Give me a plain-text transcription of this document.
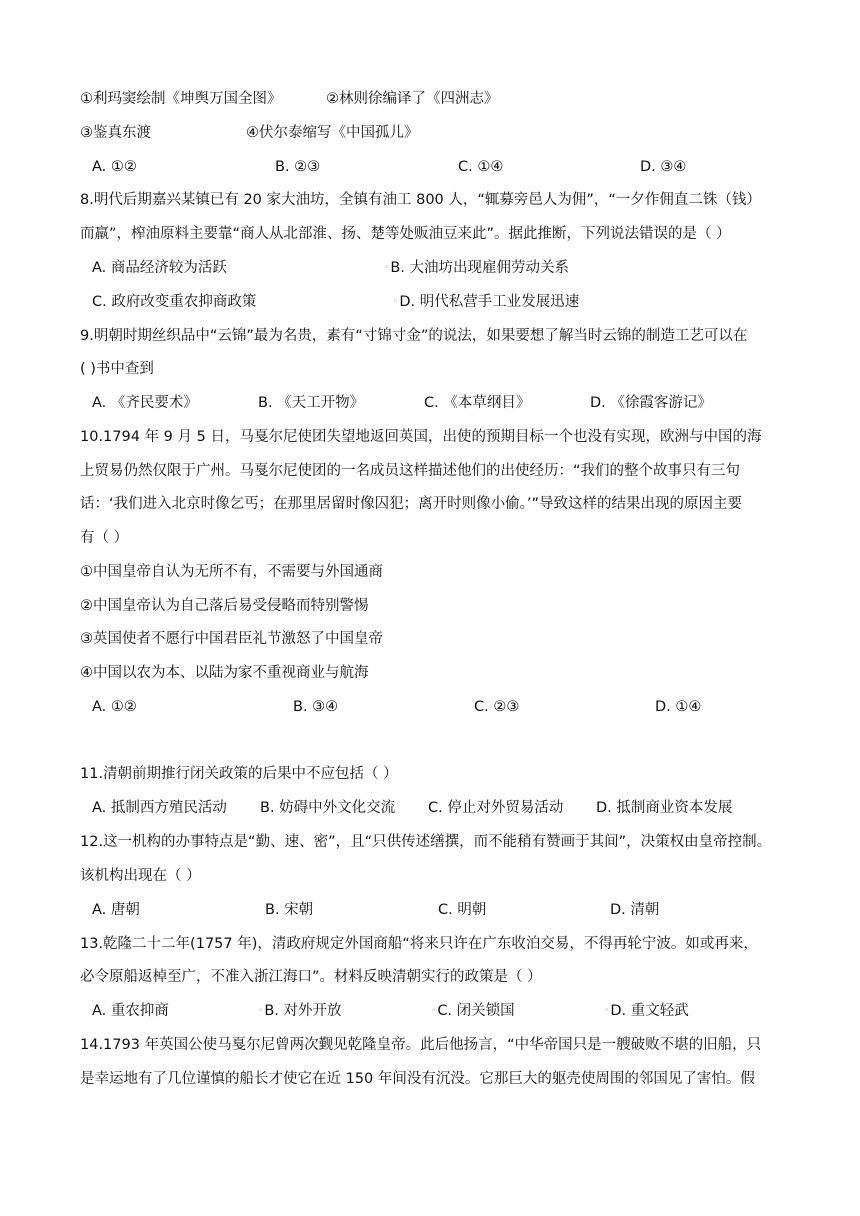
①利玛窦绘制《坤舆万国全图》	②林则徐编译了《四洲志》
③鉴真东渡	④伏尔泰缩写《中国孤儿》
A. ①②	B. ②③	C. ①④	D. ③④
8.明代后期嘉兴某镇已有 20 家大油坊，全镇有油工 800 人，“辄募旁邑人为佣”，“一夕作佣直二铢（钱）
而羸”，榨油原料主要靠“商人从北部淮、扬、楚等处贩油豆来此”。据此推断，下列说法错误的是（ ）
A. 商品经济较为活跃	◦B. 大油坊出现雇佣劳动关系
C. 政府改变重农抑商政策	◦D. 明代私营手工业发展迅速
9.明朝时期丝织品中“云锦”最为名贵，素有“寸锦寸金”的说法，如果要想了解当时云锦的制造工艺可以在
( )书中查到
A. 《齐民要术》	B. 《天工开物》	C. 《本草纲目》	D. 《徐霞客游记》
10.1794 年 9 月 5 日，马戛尔尼使团失望地返回英国，出使的预期目标一个也没有实现，欧洲与中国的海
上贸易仍然仅限于广州。马戛尔尼使团的一名成员这样描述他们的出使经历：“我们的整个故事只有三句
话：‘我们进入北京时像乞丐；在那里居留时像囚犯；离开时则像小偷。’”导致这样的结果出现的原因主要
有（ ）
①中国皇帝自认为无所不有，不需要与外国通商
②中国皇帝认为自己落后易受侵略而特别警惕
③英国使者不愿行中国君臣礼节激怒了中国皇帝
④中国以农为本、以陆为家不重视商业与航海
A. ①②	B. ③④	C. ②③	D. ①④
11.清朝前期推行闭关政策的后果中不应包括（ ）
A. 抵制西方殖民活动 B. 妨碍中外文化交流 C. 停止对外贸易活动 D. 抵制商业资本发展
12.这一机构的办事特点是“勤、速、密”，且“只供传述缮撰，而不能稍有赞画于其间”，决策权由皇帝控制。
该机构出现在（ ）
A. 唐朝	B. 宋朝	C. 明朝	D. 清朝
13.乾隆二十二年(1757 年)，清政府规定外国商船“将来只许在广东收泊交易，不得再轮宁波。如或再来，
必令原船返棹至广，不准入浙江海口”。材料反映清朝实行的政策是（ ）
A. 重农抑商	◦B. 对外开放	◦C. 闭关锁国	◦D. 重文轻武
14.1793 年英国公使马戛尔尼曾两次觐见乾隆皇帝。此后他扬言，“中华帝国只是一艘破败不堪的旧船，只
是幸运地有了几位谨慎的船长才使它在近 150 年间没有沉没。它那巨大的躯壳使周围的邻国见了害怕。假
